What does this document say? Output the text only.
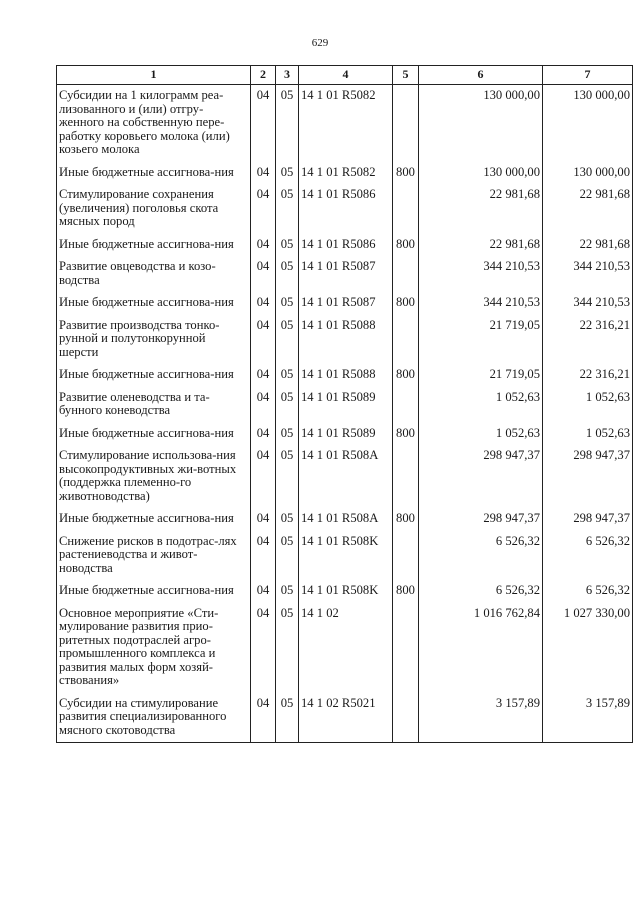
629
1	2	3	4	5	6	7
Субсидии на 1 килограмм реа-лизованного и (или) отгру-женного на собственную пере-работку коровьего молока (или) козьего молока	04	05	14 1 01 R5082		130 000,00	130 000,00
Иные бюджетные ассигнова-ния	04	05	14 1 01 R5082	800	130 000,00	130 000,00
Стимулирование сохранения (увеличения) поголовья скота мясных пород	04	05	14 1 01 R5086		22 981,68	22 981,68
Иные бюджетные ассигнова-ния	04	05	14 1 01 R5086	800	22 981,68	22 981,68
Развитие овцеводства и козо-водства	04	05	14 1 01 R5087		344 210,53	344 210,53
Иные бюджетные ассигнова-ния	04	05	14 1 01 R5087	800	344 210,53	344 210,53
Развитие производства тонко-рунной и полутонкорунной шерсти	04	05	14 1 01 R5088		21 719,05	22 316,21
Иные бюджетные ассигнова-ния	04	05	14 1 01 R5088	800	21 719,05	22 316,21
Развитие оленеводства и та-бунного коневодства	04	05	14 1 01 R5089		1 052,63	1 052,63
Иные бюджетные ассигнова-ния	04	05	14 1 01 R5089	800	1 052,63	1 052,63
Стимулирование использова-ния высокопродуктивных жи-вотных (поддержка племенно-го животноводства)	04	05	14 1 01 R508A		298 947,37	298 947,37
Иные бюджетные ассигнова-ния	04	05	14 1 01 R508A	800	298 947,37	298 947,37
Снижение рисков в подотрас-лях растениеводства и живот-новодства	04	05	14 1 01 R508K		6 526,32	6 526,32
Иные бюджетные ассигнова-ния	04	05	14 1 01 R508K	800	6 526,32	6 526,32
Основное мероприятие «Сти-мулирование развития прио-ритетных подотраслей агро-промышленного комплекса и развития малых форм хозяй-ствования»	04	05	14 1 02		1 016 762,84	1 027 330,00
Субсидии на стимулирование развития специализированного мясного скотоводства	04	05	14 1 02 R5021		3 157,89	3 157,89
